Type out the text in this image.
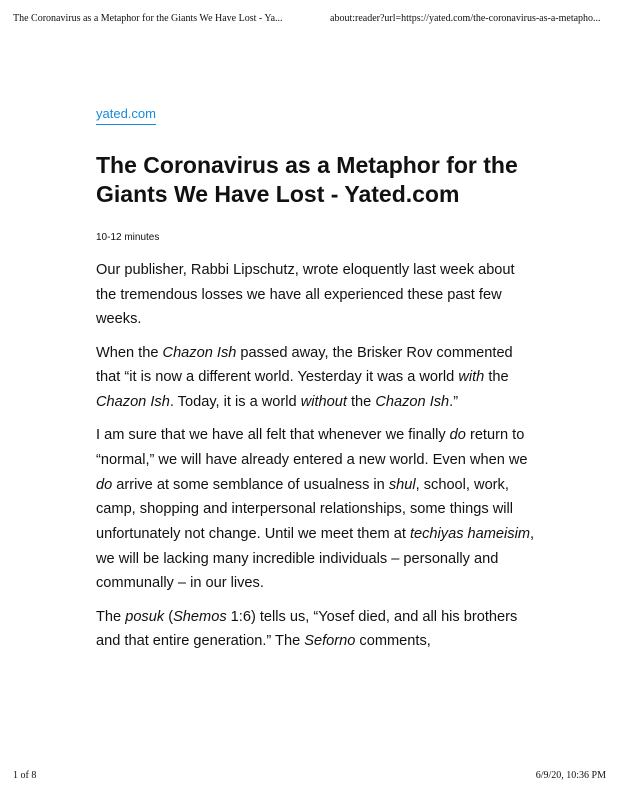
The Coronavirus as a Metaphor for the Giants We Have Lost - Ya...	about:reader?url=https://yated.com/the-coronavirus-as-a-metapho...
yated.com
The Coronavirus as a Metaphor for the Giants We Have Lost - Yated.com
10-12 minutes

Our publisher, Rabbi Lipschutz, wrote eloquently last week about the tremendous losses we have all experienced these past few weeks.

When the Chazon Ish passed away, the Brisker Rov commented that “it is now a different world. Yesterday it was a world with the Chazon Ish. Today, it is a world without the Chazon Ish.”

I am sure that we have all felt that whenever we finally do return to “normal,” we will have already entered a new world. Even when we do arrive at some semblance of usualness in shul, school, work, camp, shopping and interpersonal relationships, some things will unfortunately not change. Until we meet them at techiyas hameisim, we will be lacking many incredible individuals – personally and communally – in our lives.

The posuk (Shemos 1:6) tells us, “Yosef died, and all his brothers and that entire generation.” The Seforno comments,

1 of 8	6/9/20, 10:36 PM
